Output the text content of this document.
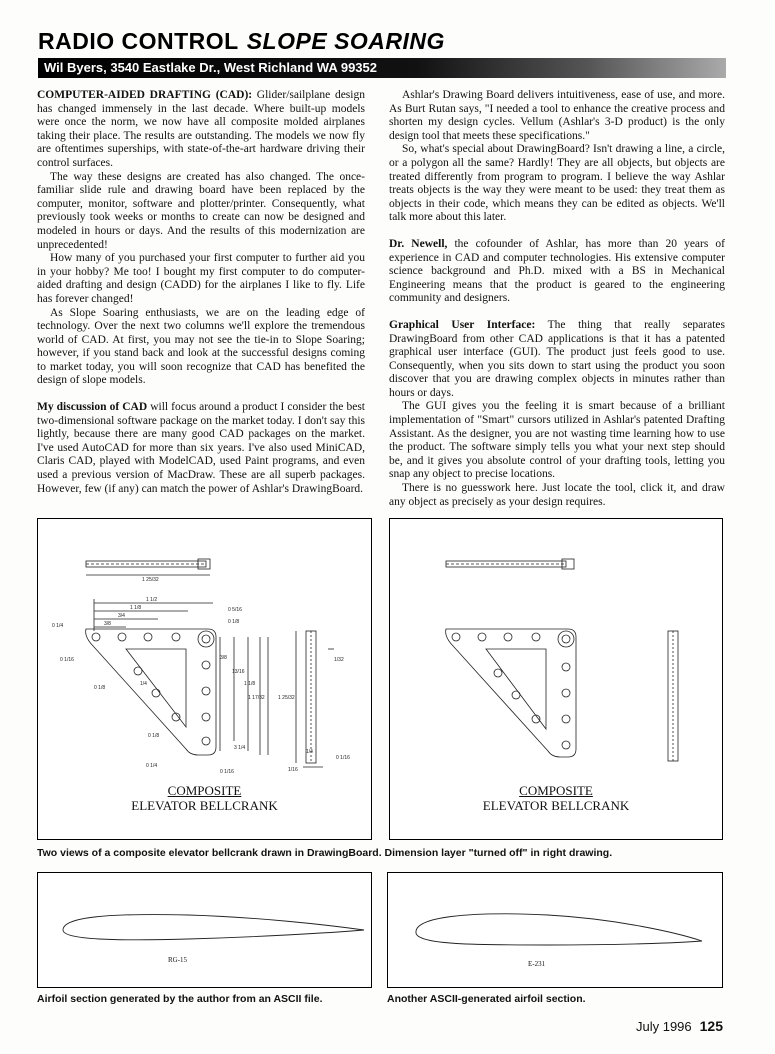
RADIO CONTROL SLOPE SOARING
Wil Byers, 3540 Eastlake Dr., West Richland WA 99352

COMPUTER-AIDED DRAFTING (CAD): Glider/sailplane design has changed immensely in the last decade. Where built-up models were once the norm, we now have all composite molded airplanes taking their place. The results are outstanding. The models we now fly are oftentimes superships, with state-of-the-art hardware driving their control surfaces.

The way these designs are created has also changed. The once-familiar slide rule and drawing board have been replaced by the computer, monitor, software and plotter/printer. Consequently, what previously took weeks or months to create can now be designed and modeled in hours or days. And the results of this modernization are unprecedented!

How many of you purchased your first computer to further aid you in your hobby? Me too! I bought my first computer to do computer-aided drafting and design (CADD) for the airplanes I like to fly. Life has forever changed!

As Slope Soaring enthusiasts, we are on the leading edge of technology. Over the next two columns we'll explore the tremendous world of CAD. At first, you may not see the tie-in to Slope Soaring; however, if you stand back and look at the successful designs coming to market today, you will soon recognize that CAD has benefited the design of slope models.

My discussion of CAD will focus around a product I consider the best two-dimensional software package on the market today. I don't say this lightly, because there are many good CAD packages on the market. I've used AutoCAD for more than six years. I've also used MiniCAD, Claris CAD, played with ModelCAD, used Paint programs, and even used a previous version of MacDraw. These are all superb packages. However, few (if any) can match the power of Ashlar's DrawingBoard.

Ashlar's Drawing Board delivers intuitiveness, ease of use, and more. As Burt Rutan says, "I needed a tool to enhance the creative process and shorten my design cycles. Vellum (Ashlar's 3-D product) is the only design tool that meets these specifications."

So, what's special about DrawingBoard? Isn't drawing a line, a circle, or a polygon all the same? Hardly! They are all objects, but objects are treated differently from program to program. I believe the way Ashlar treats objects is the way they were meant to be used: they treat them as objects in their code, which means they can be edited as objects. We'll talk more about this later.

Dr. Newell, the cofounder of Ashlar, has more than 20 years of experience in CAD and computer technologies. His extensive computer science background and Ph.D. mixed with a BS in Mechanical Engineering means that the product is geared to the engineering community and designers.

Graphical User Interface: The thing that really separates DrawingBoard from other CAD applications is that it has a patented graphical user interface (GUI). The product just feels good to use. Consequently, when you sits down to start using the product you soon discover that you are drawing complex objects in minutes rather than hours or days.

The GUI gives you the feeling it is smart because of a brilliant implementation of "Smart" cursors utilized in Ashlar's patented Drafting Assistant. As the designer, you are not wasting time learning how to use the product. The software simply tells you what your next step should be, and it gives you absolute control of your drafting tools, letting you snap any object to precise locations.

There is no guesswork here. Just locate the tool, click it, and draw any object as precisely as your design requires.

1 25/32
1 1/2
1 1/8
3/4
3/8
0 1/4
0 5/16
0 1/8
0 1/16
0 1/8
3/8
13/16
1/4	1 1/8
1 17/32	1 25/32
1/32
0 1/8
3 1/4
0 1/4
0 1/16
1/4
1/16
0 1/16
COMPOSITE
ELEVATOR BELLCRANK
COMPOSITE
ELEVATOR BELLCRANK
Two views of a composite elevator bellcrank drawn in DrawingBoard. Dimension layer "turned off" in right drawing.
RG-15	E-231
Airfoil section generated by the author from an ASCII file.	Another ASCII-generated airfoil section.
July 1996 125
